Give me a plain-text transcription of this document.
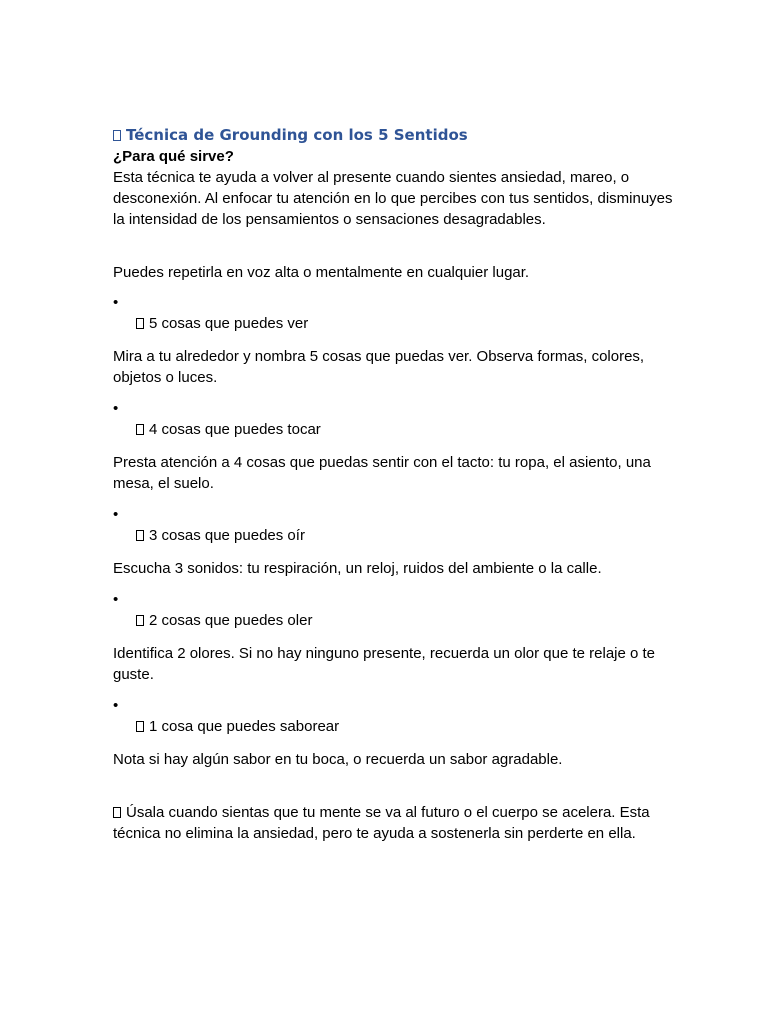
Técnica de Grounding con los 5 Sentidos

¿Para qué sirve?

Esta técnica te ayuda a volver al presente cuando sientes ansiedad, mareo, o desconexión. Al enfocar tu atención en lo que percibes con tus sentidos, disminuyes la intensidad de los pensamientos o sensaciones desagradables.

Puedes repetirla en voz alta o mentalmente en cualquier lugar.

•
5 cosas que puedes ver

Mira a tu alrededor y nombra 5 cosas que puedas ver. Observa formas, colores, objetos o luces.

•
4 cosas que puedes tocar

Presta atención a 4 cosas que puedas sentir con el tacto: tu ropa, el asiento, una mesa, el suelo.

•
3 cosas que puedes oír

Escucha 3 sonidos: tu respiración, un reloj, ruidos del ambiente o la calle.

•
2 cosas que puedes oler

Identifica 2 olores. Si no hay ninguno presente, recuerda un olor que te relaje o te guste.

•
1 cosa que puedes saborear

Nota si hay algún sabor en tu boca, o recuerda un sabor agradable.

Úsala cuando sientas que tu mente se va al futuro o el cuerpo se acelera. Esta técnica no elimina la ansiedad, pero te ayuda a sostenerla sin perderte en ella.
